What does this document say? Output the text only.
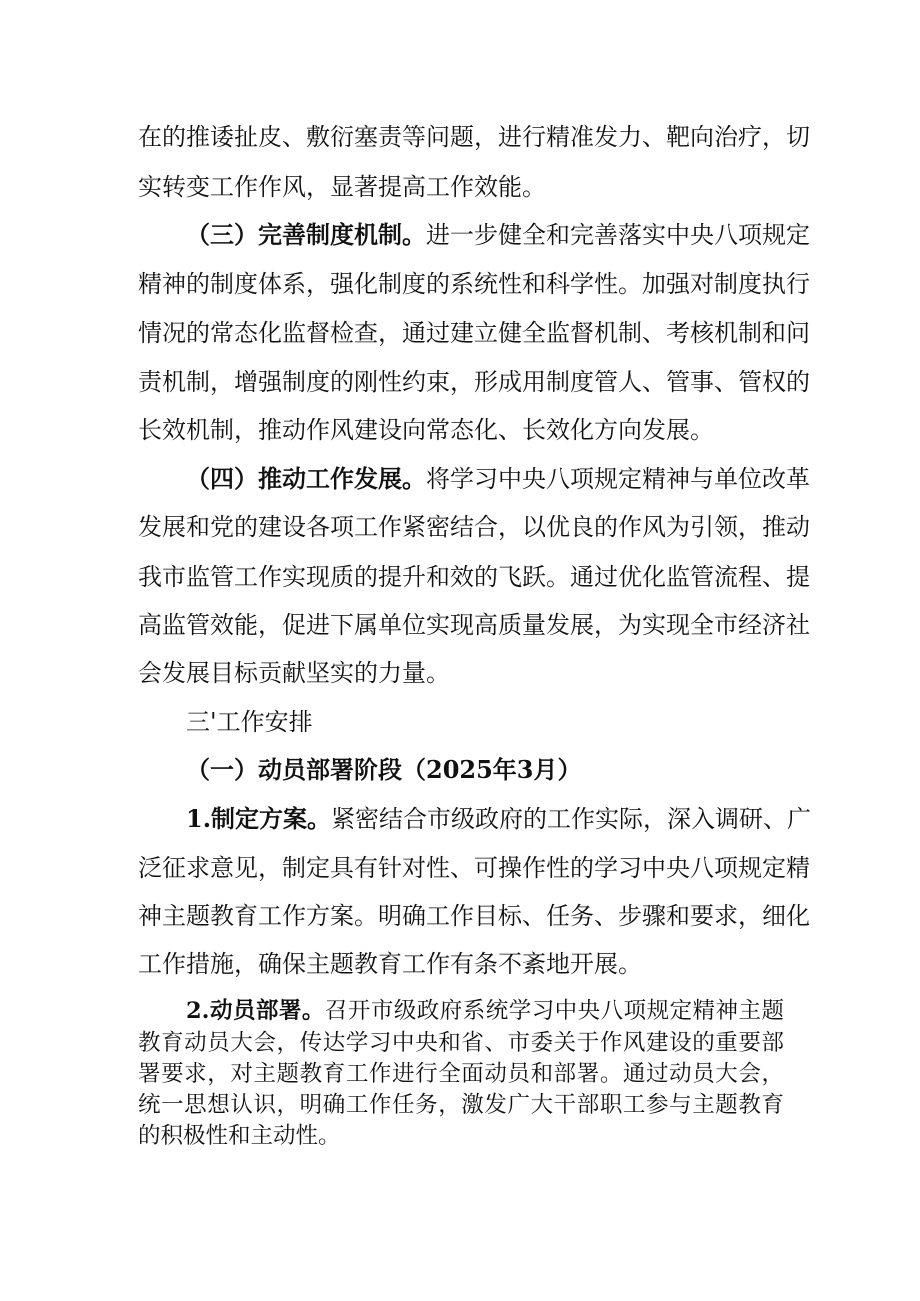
在的推诿扯皮、敷衍塞责等问题，进行精准发力、靶向治疗，切
实转变工作作风，显著提高工作效能。
（三）完善制度机制。进一步健全和完善落实中央八项规定
精神的制度体系，强化制度的系统性和科学性。加强对制度执行
情况的常态化监督检查，通过建立健全监督机制、考核机制和问
责机制，增强制度的刚性约束，形成用制度管人、管事、管权的
长效机制，推动作风建设向常态化、长效化方向发展。
（四）推动工作发展。将学习中央八项规定精神与单位改革
发展和党的建设各项工作紧密结合，以优良的作风为引领，推动
我市监管工作实现质的提升和效的飞跃。通过优化监管流程、提
高监管效能，促进下属单位实现高质量发展，为实现全市经济社
会发展目标贡献坚实的力量。
三'工作安排
（一）动员部署阶段（2025年3月）
1.制定方案。紧密结合市级政府的工作实际，深入调研、广
泛征求意见，制定具有针对性、可操作性的学习中央八项规定精
神主题教育工作方案。明确工作目标、任务、步骤和要求，细化
工作措施，确保主题教育工作有条不紊地开展。
2.动员部署。召开市级政府系统学习中央八项规定精神主题
教育动员大会，传达学习中央和省、市委关于作风建设的重要部
署要求，对主题教育工作进行全面动员和部署。通过动员大会，
统一思想认识，明确工作任务，激发广大干部职工参与主题教育
的积极性和主动性。
